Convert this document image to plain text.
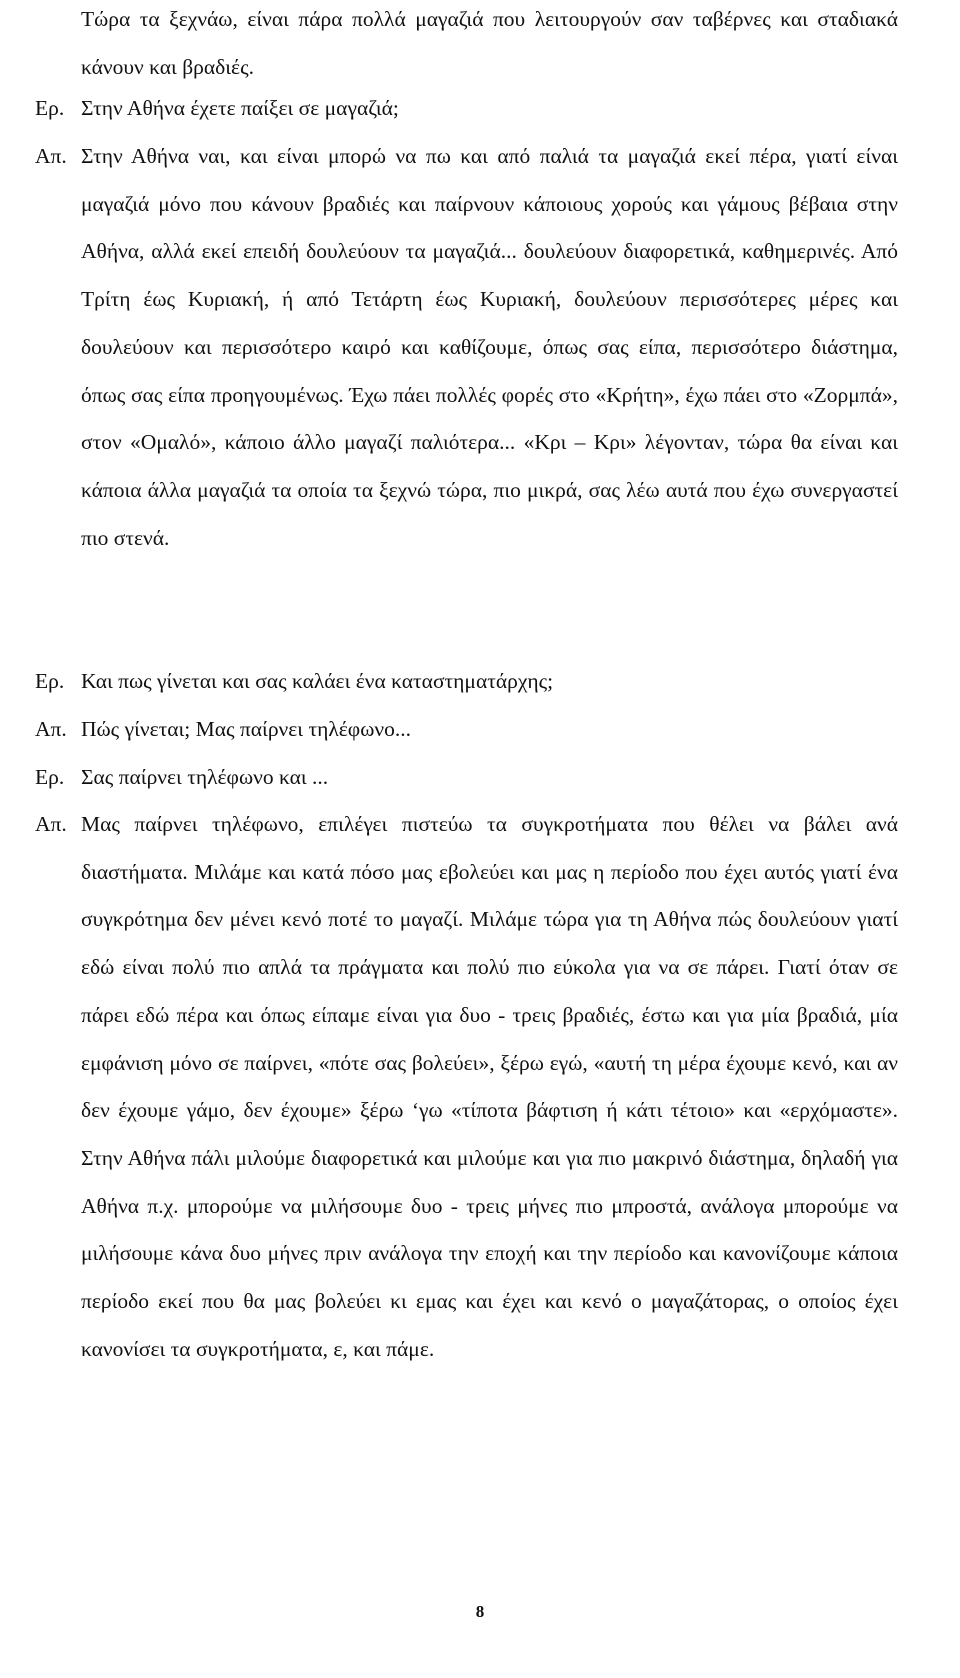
Τώρα τα ξεχνάω, είναι πάρα πολλά μαγαζιά που λειτουργούν σαν ταβέρνες και σταδιακά κάνουν και βραδιές.
Ερ. Στην Αθήνα έχετε παίξει σε μαγαζιά;
Απ. Στην Αθήνα ναι, και είναι μπορώ να πω και από παλιά τα μαγαζιά εκεί πέρα, γιατί είναι μαγαζιά μόνο που κάνουν βραδιές και παίρνουν κάποιους χορούς και γάμους βέβαια στην Αθήνα, αλλά εκεί επειδή δουλεύουν τα μαγαζιά... δουλεύουν διαφορετικά, καθημερινές. Από Τρίτη έως Κυριακή, ή από Τετάρτη έως Κυριακή, δουλεύουν περισσότερες μέρες και δουλεύουν και περισσότερο καιρό και καθίζουμε, όπως σας είπα, περισσότερο διάστημα, όπως σας είπα προηγουμένως. Έχω πάει πολλές φορές στο «Κρήτη», έχω πάει στο «Ζορμπά», στον «Ομαλό», κάποιο άλλο μαγαζί παλιότερα... «Κρι – Κρι» λέγονταν, τώρα θα είναι και κάποια άλλα μαγαζιά τα οποία τα ξεχνώ τώρα, πιο μικρά, σας λέω αυτά που έχω συνεργαστεί πιο στενά.
Ερ. Και πως γίνεται και σας καλάει ένα καταστηματάρχης;
Απ. Πώς γίνεται; Μας παίρνει τηλέφωνο...
Ερ. Σας παίρνει τηλέφωνο και ...
Απ. Μας παίρνει τηλέφωνο, επιλέγει πιστεύω τα συγκροτήματα που θέλει να βάλει ανά διαστήματα. Μιλάμε και κατά πόσο μας εβολεύει και μας η περίοδο που έχει αυτός γιατί ένα συγκρότημα δεν μένει κενό ποτέ το μαγαζί. Μιλάμε τώρα για τη Αθήνα πώς δουλεύουν γιατί εδώ είναι πολύ πιο απλά τα πράγματα και πολύ πιο εύκολα για να σε πάρει. Γιατί όταν σε πάρει εδώ πέρα και όπως είπαμε είναι για δυο - τρεις βραδιές, έστω και για μία βραδιά, μία εμφάνιση μόνο σε παίρνει, «πότε σας βολεύει», ξέρω εγώ, «αυτή τη μέρα έχουμε κενό, και αν δεν έχουμε γάμο, δεν έχουμε» ξέρω ‘γω «τίποτα βάφτιση ή κάτι τέτοιο» και «ερχόμαστε». Στην Αθήνα πάλι μιλούμε διαφορετικά και μιλούμε και για πιο μακρινό διάστημα, δηλαδή για Αθήνα π.χ. μπορούμε να μιλήσουμε δυο - τρεις μήνες πιο μπροστά, ανάλογα μπορούμε να μιλήσουμε κάνα δυο μήνες πριν ανάλογα την εποχή και την περίοδο και κανονίζουμε κάποια περίοδο εκεί που θα μας βολεύει κι εμας και έχει και κενό ο μαγαζάτορας, ο οποίος έχει κανονίσει τα συγκροτήματα, ε, και πάμε.
8
